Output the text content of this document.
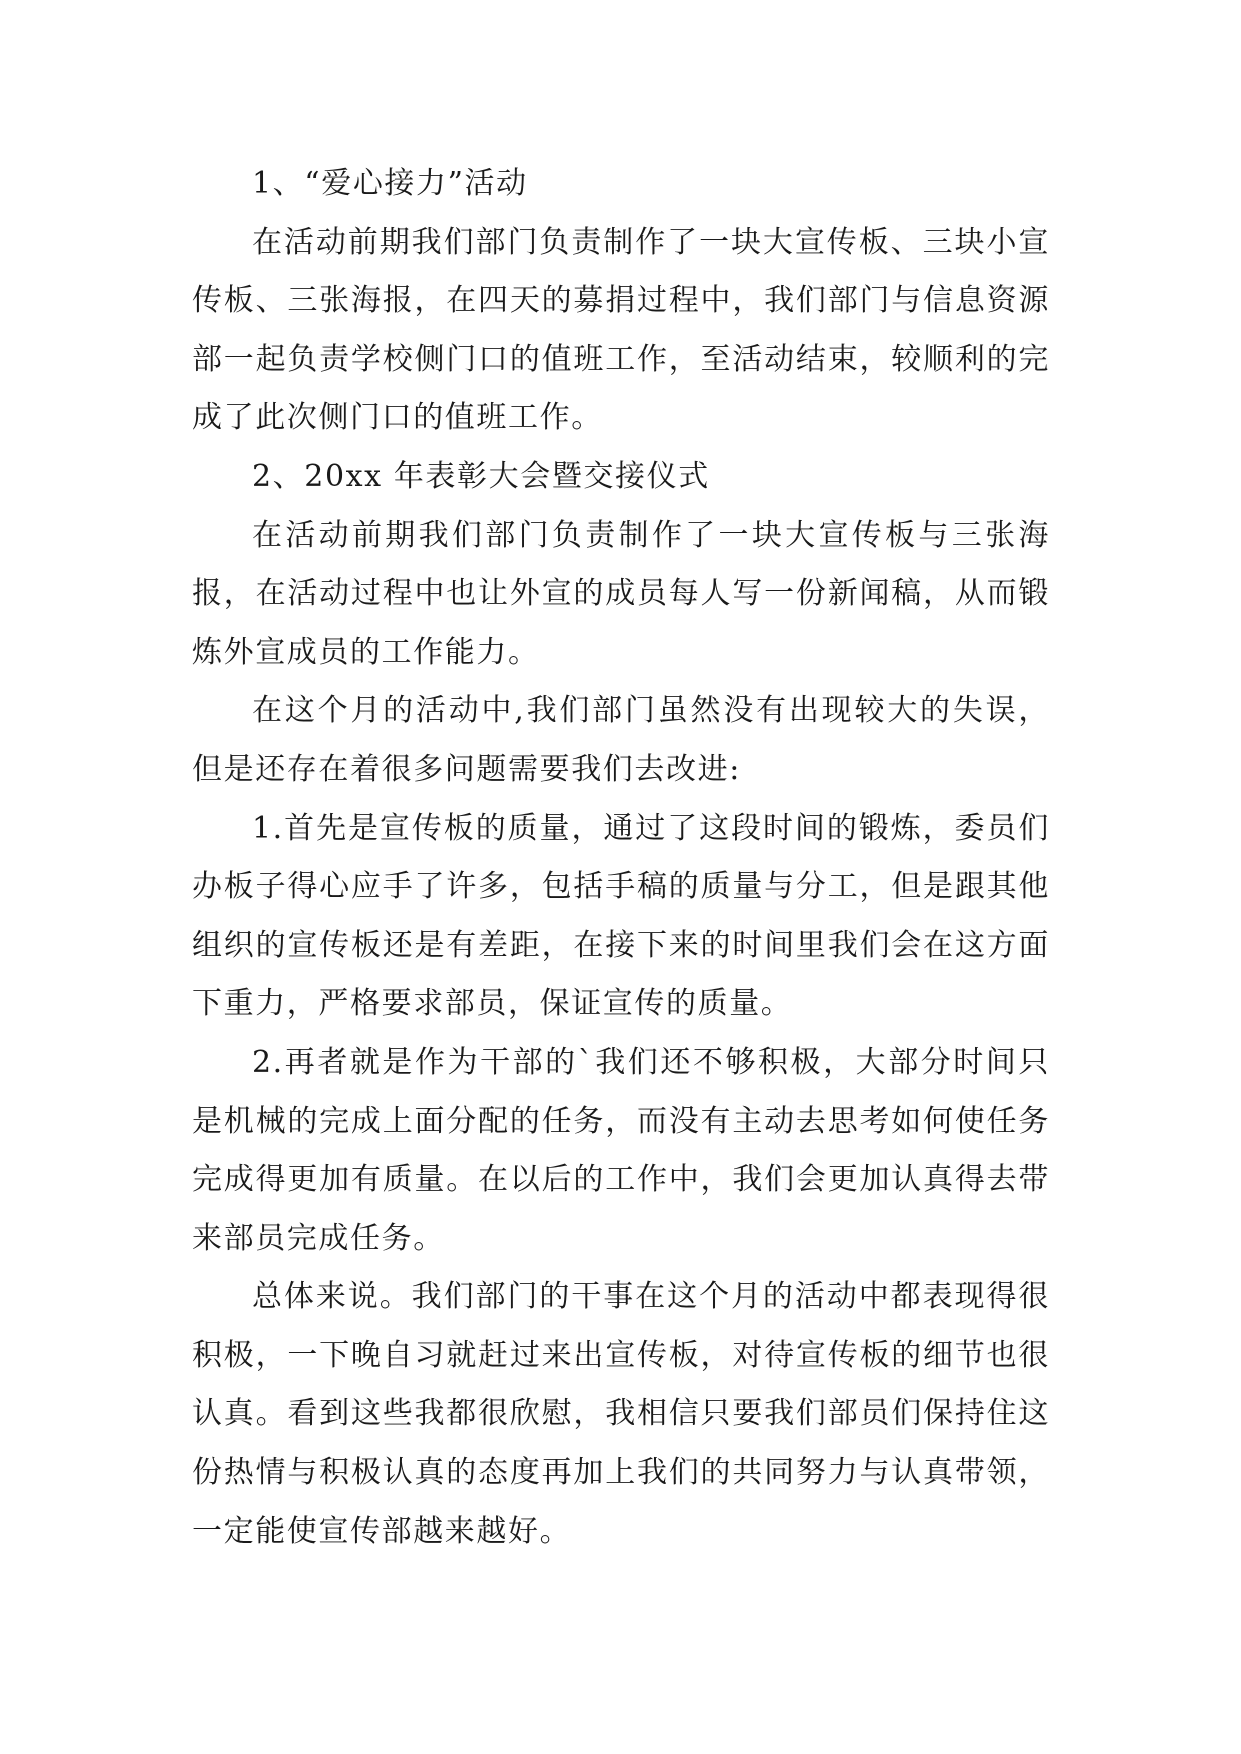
1、“爱心接力”活动

在活动前期我们部门负责制作了一块大宣传板、三块小宣传板、三张海报，在四天的募捐过程中，我们部门与信息资源部一起负责学校侧门口的值班工作，至活动结束，较顺利的完成了此次侧门口的值班工作。

2、20xx 年表彰大会暨交接仪式

在活动前期我们部门负责制作了一块大宣传板与三张海报，在活动过程中也让外宣的成员每人写一份新闻稿，从而锻炼外宣成员的工作能力。

在这个月的活动中,我们部门虽然没有出现较大的失误，但是还存在着很多问题需要我们去改进:

1.首先是宣传板的质量，通过了这段时间的锻炼，委员们办板子得心应手了许多，包括手稿的质量与分工，但是跟其他组织的宣传板还是有差距，在接下来的时间里我们会在这方面下重力，严格要求部员，保证宣传的质量。

2.再者就是作为干部的`我们还不够积极，大部分时间只是机械的完成上面分配的任务，而没有主动去思考如何使任务完成得更加有质量。在以后的工作中，我们会更加认真得去带来部员完成任务。

总体来说。我们部门的干事在这个月的活动中都表现得很积极，一下晚自习就赶过来出宣传板，对待宣传板的细节也很认真。看到这些我都很欣慰，我相信只要我们部员们保持住这份热情与积极认真的态度再加上我们的共同努力与认真带领，一定能使宣传部越来越好。
